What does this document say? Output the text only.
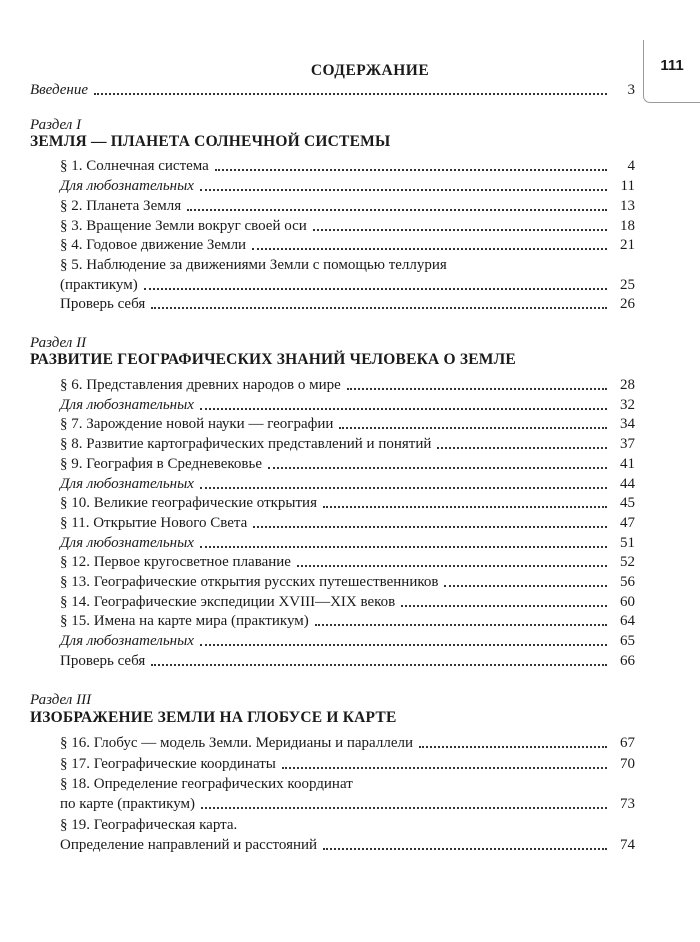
111
СОДЕРЖАНИЕ
Введение	3
Раздел I
ЗЕМЛЯ — ПЛАНЕТА СОЛНЕЧНОЙ СИСТЕМЫ
§ 1. Солнечная система	4
Для любознательных	11
§ 2. Планета Земля	13
§ 3. Вращение Земли вокруг своей оси	18
§ 4. Годовое движение Земли	21
§ 5. Наблюдение за движениями Земли с помощью теллурия
(практикум)	25
Проверь себя	26
Раздел II
РАЗВИТИЕ ГЕОГРАФИЧЕСКИХ ЗНАНИЙ ЧЕЛОВЕКА О ЗЕМЛЕ
§ 6. Представления древних народов о мире	28
Для любознательных	32
§ 7. Зарождение новой науки — географии	34
§ 8. Развитие картографических представлений и понятий	37
§ 9. География в Средневековье	41
Для любознательных	44
§ 10. Великие географические открытия	45
§ 11. Открытие Нового Света	47
Для любознательных	51
§ 12. Первое кругосветное плавание	52
§ 13. Географические открытия русских путешественников	56
§ 14. Географические экспедиции XVIII—XIX веков	60
§ 15. Имена на карте мира (практикум)	64
Для любознательных	65
Проверь себя	66
Раздел III
ИЗОБРАЖЕНИЕ ЗЕМЛИ НА ГЛОБУСЕ И КАРТЕ
§ 16. Глобус — модель Земли. Меридианы и параллели	67
§ 17. Географические координаты	70
§ 18. Определение географических координат
по карте (практикум)	73
§ 19. Географическая карта.
Определение направлений и расстояний	74
